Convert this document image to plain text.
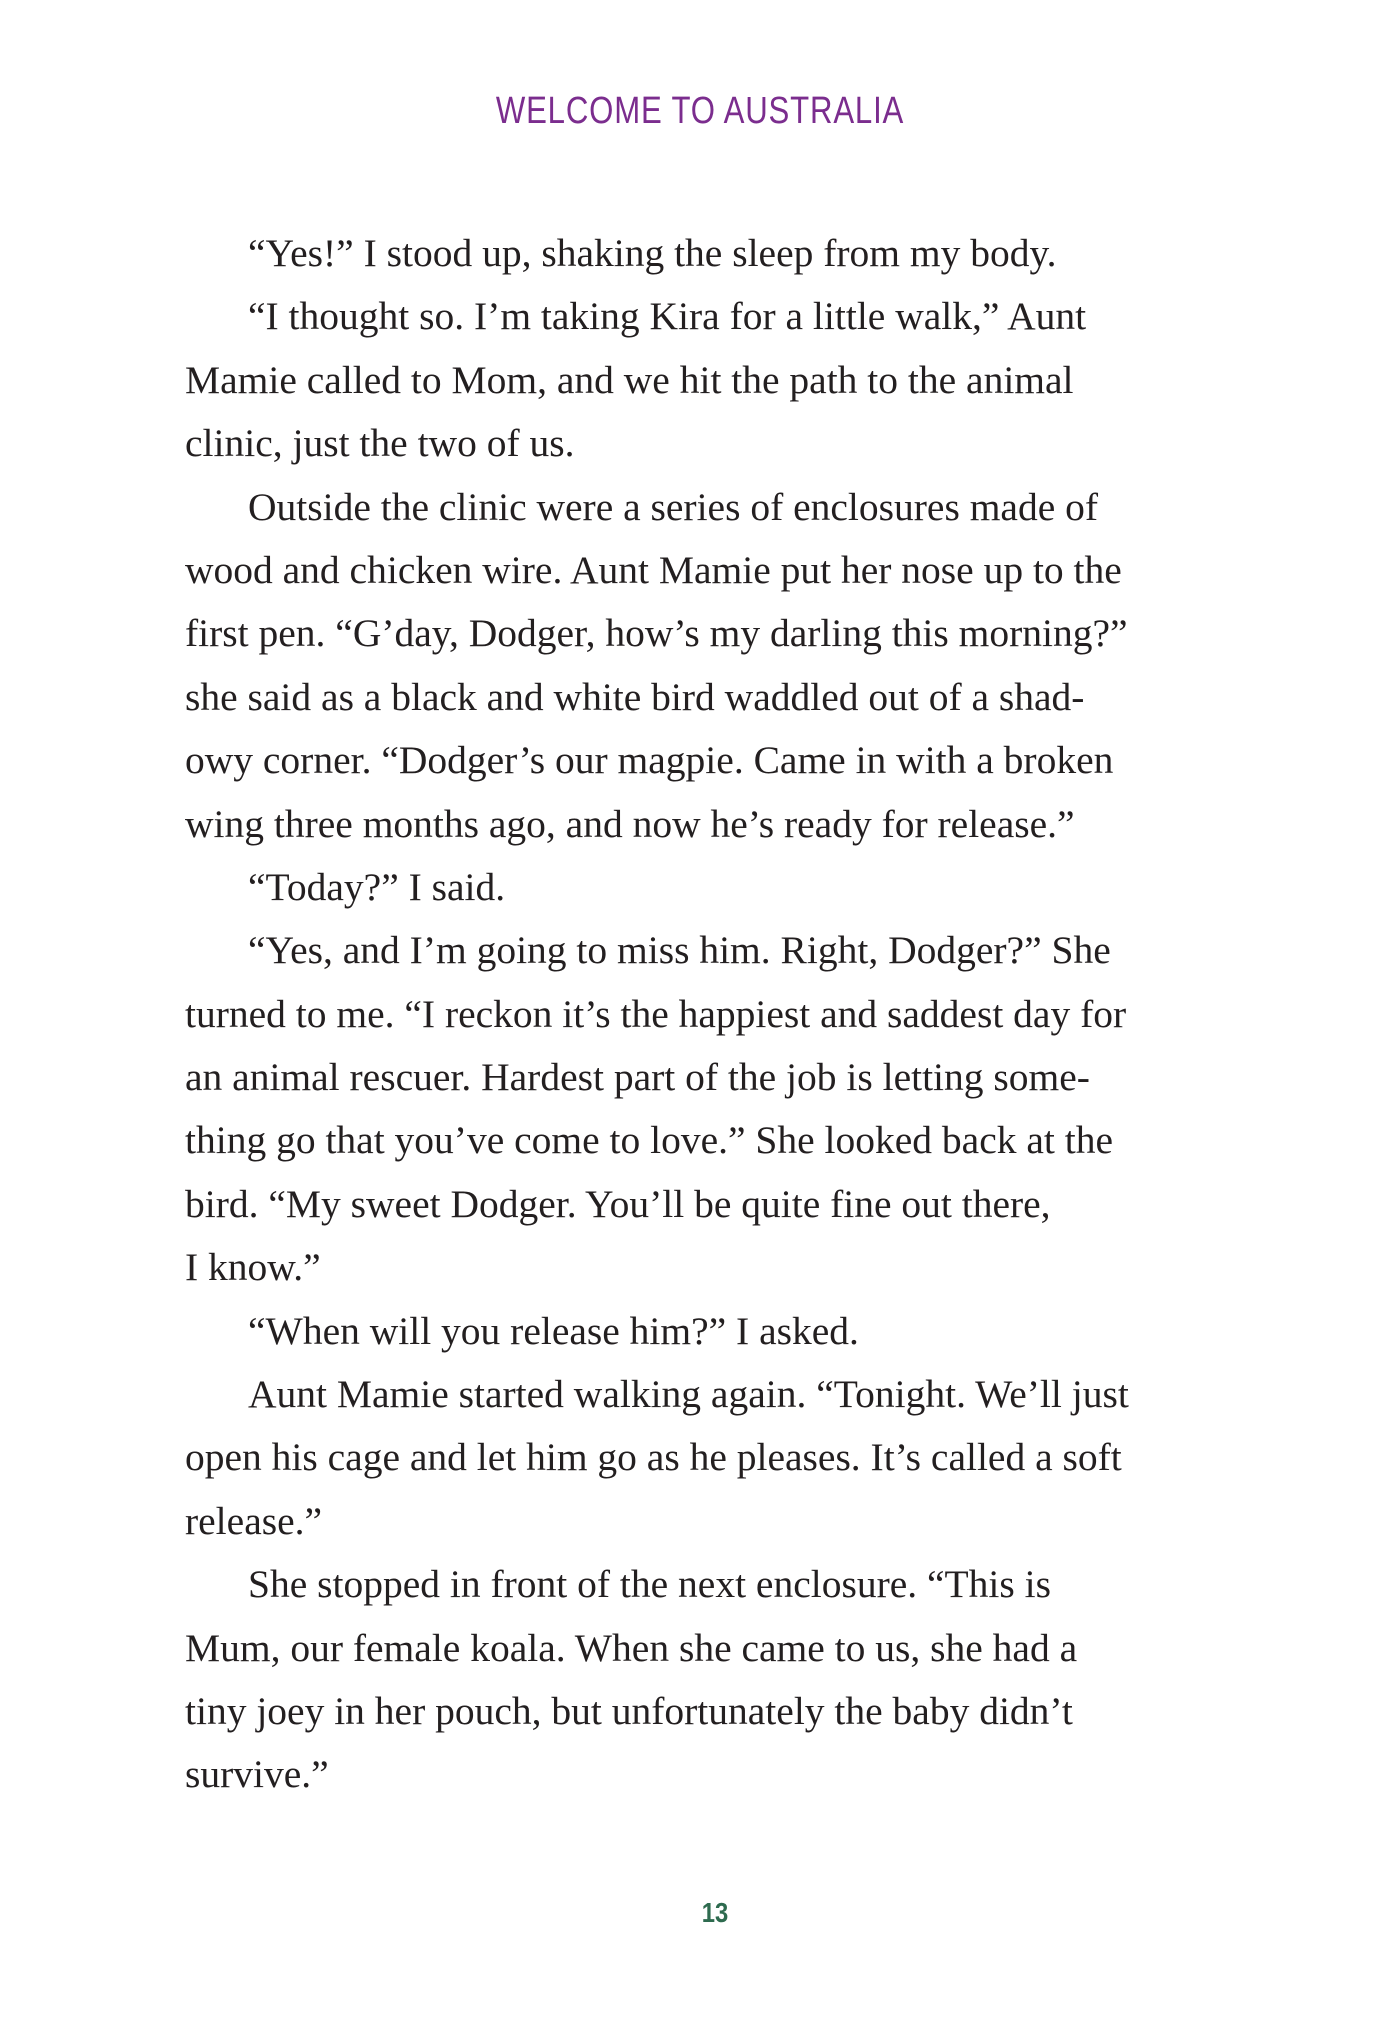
WELCOME TO AUSTRALIA
“Yes!” I stood up, shaking the sleep from my body.
“I thought so. I’m taking Kira for a little walk,” Aunt
Mamie called to Mom, and we hit the path to the animal
clinic, just the two of us.
Outside the clinic were a series of enclosures made of
wood and chicken wire. Aunt Mamie put her nose up to the
first pen. “G’day, Dodger, how’s my darling this morning?”
she said as a black and white bird waddled out of a shad-
owy corner. “Dodger’s our magpie. Came in with a broken
wing three months ago, and now he’s ready for release.”
“Today?” I said.
“Yes, and I’m going to miss him. Right, Dodger?” She
turned to me. “I reckon it’s the happiest and saddest day for
an animal rescuer. Hardest part of the job is letting some-
thing go that you’ve come to love.” She looked back at the
bird. “My sweet Dodger. You’ll be quite fine out there,
I know.”
“When will you release him?” I asked.
Aunt Mamie started walking again. “Tonight. We’ll just
open his cage and let him go as he pleases. It’s called a soft
release.”
She stopped in front of the next enclosure. “This is
Mum, our female koala. When she came to us, she had a
tiny joey in her pouch, but unfortunately the baby didn’t
survive.”
13
